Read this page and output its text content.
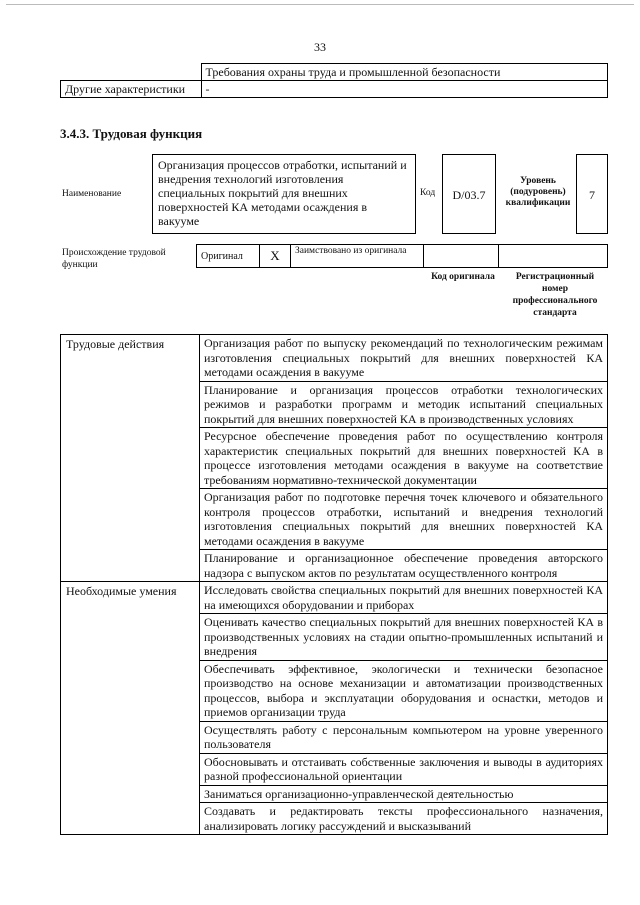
33
	Требования охраны труда и промышленной безопасности
Другие характеристики	-
3.4.3. Трудовая функция
Наименование
Организация процессов отработки, испытаний и внедрения технологий изготовления специальных покрытий для внешних поверхностей КА методами осаждения в вакууме
Код	D/03.7
Уровень (подуровень) квалификации
7
Происхождение трудовой функции
Оригинал	X	Заимствовано из оригинала		
Код оригинала	Регистрационный номер профессионального стандарта
Трудовые действия	Организация работ по выпуску рекомендаций по технологическим режимам изготовления специальных покрытий для внешних поверхностей КА методами осаждения в вакууме
	Планирование и организация процессов отработки технологических режимов и разработки программ и методик испытаний специальных покрытий для внешних поверхностей КА в производственных условиях
	Ресурсное обеспечение проведения работ по осуществлению контроля характеристик специальных покрытий для внешних поверхностей КА в процессе изготовления методами осаждения в вакууме на соответствие требованиям нормативно-технической документации
	Организация работ по подготовке перечня точек ключевого и обязательного контроля процессов отработки, испытаний и внедрения технологий изготовления специальных покрытий для внешних поверхностей КА методами осаждения в вакууме
	Планирование и организационное обеспечение проведения авторского надзора с выпуском актов по результатам осуществленного контроля
Необходимые умения	Исследовать свойства специальных покрытий для внешних поверхностей КА на имеющихся оборудовании и приборах
	Оценивать качество специальных покрытий для внешних поверхностей КА в производственных условиях на стадии опытно-промышленных испытаний и внедрения
	Обеспечивать эффективное, экологически и технически безопасное производство на основе механизации и автоматизации производственных процессов, выбора и эксплуатации оборудования и оснастки, методов и приемов организации труда
	Осуществлять работу с персональным компьютером на уровне уверенного пользователя
	Обосновывать и отстаивать собственные заключения и выводы в аудиториях разной профессиональной ориентации
	Заниматься организационно-управленческой деятельностью
	Создавать и редактировать тексты профессионального назначения, анализировать логику рассуждений и высказываний
